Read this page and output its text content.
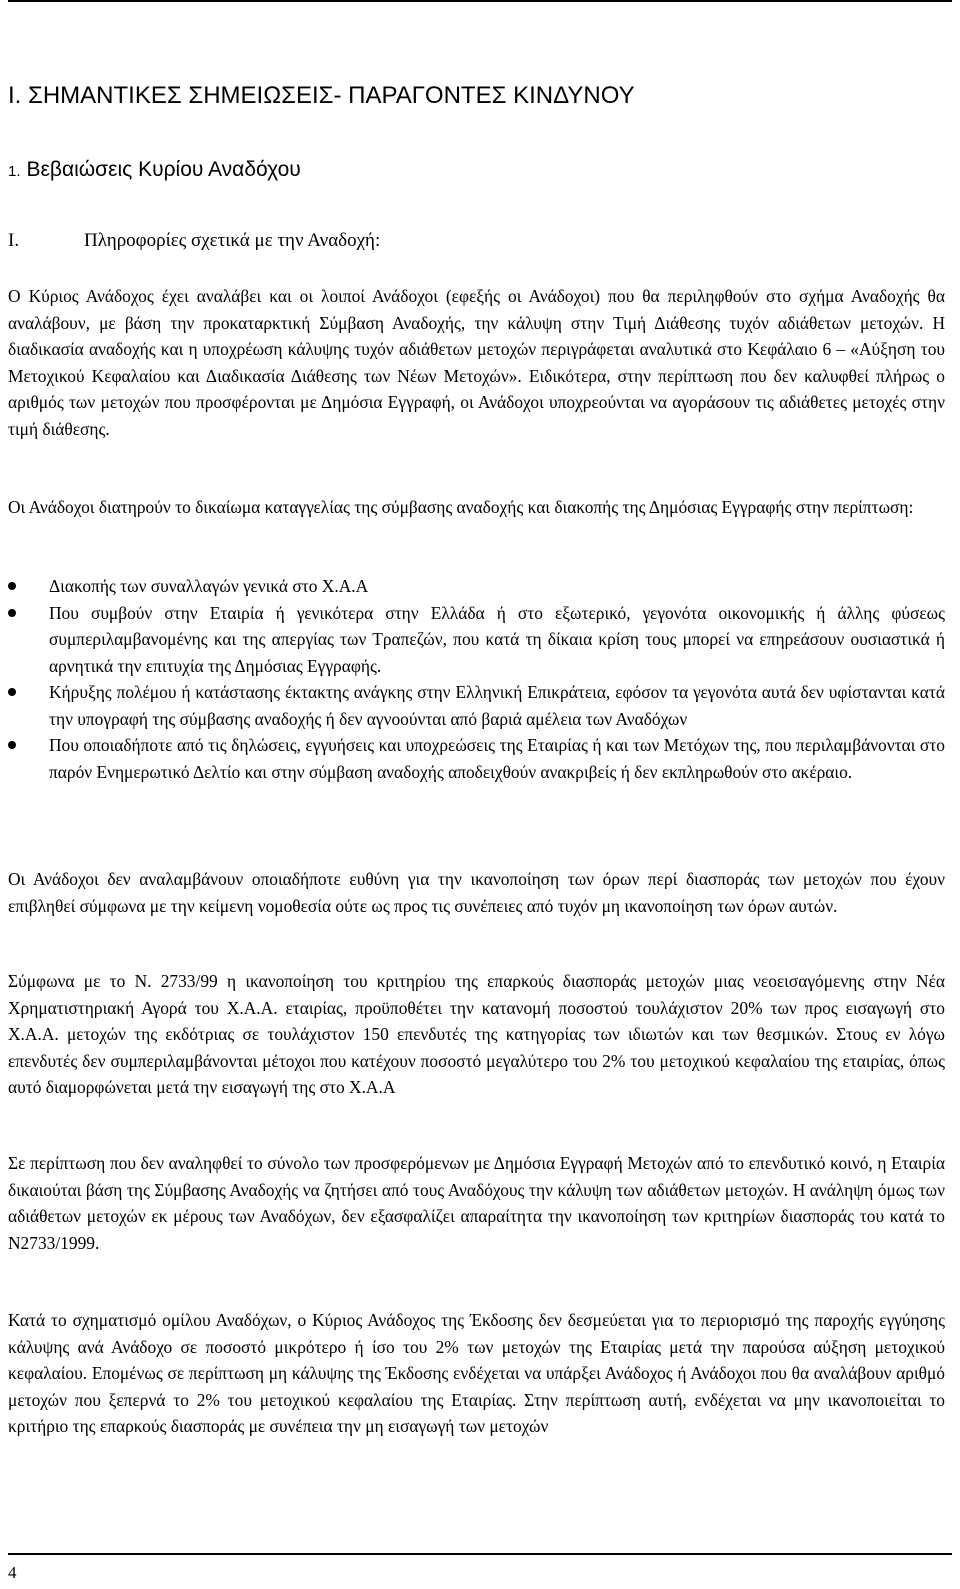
I. ΣΗΜΑΝΤΙΚΕΣ ΣΗΜΕΙΩΣΕΙΣ- ΠΑΡΑΓΟΝΤΕΣ ΚΙΝΔΥΝΟΥ
1. Βεβαιώσεις Κυρίου Αναδόχου
I.	Πληροφορίες σχετικά με την Αναδοχή:

Ο Κύριος Ανάδοχος έχει αναλάβει και οι λοιποί Ανάδοχοι (εφεξής οι Ανάδοχοι) που θα περιληφθούν στο σχήμα Αναδοχής θα αναλάβουν, με βάση την προκαταρκτική Σύμβαση Αναδοχής, την κάλυψη στην Τιμή Διάθεσης τυχόν αδιάθετων μετοχών. Η διαδικασία αναδοχής και η υποχρέωση κάλυψης τυχόν αδιάθετων μετοχών περιγράφεται αναλυτικά στο Κεφάλαιο 6 – «Αύξηση του Μετοχικού Κεφαλαίου και Διαδικασία Διάθεσης των Νέων Μετοχών». Ειδικότερα, στην περίπτωση που δεν καλυφθεί πλήρως ο αριθμός των μετοχών που προσφέρονται με Δημόσια Εγγραφή, οι Ανάδοχοι υποχρεούνται να αγοράσουν τις αδιάθετες μετοχές στην τιμή διάθεσης.

Οι Ανάδοχοι διατηρούν το δικαίωμα καταγγελίας της σύμβασης αναδοχής και διακοπής της Δημόσιας Εγγραφής στην περίπτωση:

Διακοπής των συναλλαγών γενικά στο Χ.Α.Α
Που συμβούν στην Εταιρία ή γενικότερα στην Ελλάδα ή στο εξωτερικό, γεγονότα οικονομικής ή άλλης φύσεως συμπεριλαμβανομένης και της απεργίας των Τραπεζών, που κατά τη δίκαια κρίση τους μπορεί να επηρεάσουν ουσιαστικά ή αρνητικά την επιτυχία της Δημόσιας Εγγραφής.
Κήρυξης πολέμου ή κατάστασης έκτακτης ανάγκης στην Ελληνική Επικράτεια, εφόσον τα γεγονότα αυτά δεν υφίστανται κατά την υπογραφή της σύμβασης αναδοχής ή δεν αγνοούνται από βαριά αμέλεια των Αναδόχων
Που οποιαδήποτε από τις δηλώσεις, εγγυήσεις και υποχρεώσεις της Εταιρίας ή και των Μετόχων της, που περιλαμβάνονται στο παρόν Ενημερωτικό Δελτίο και στην σύμβαση αναδοχής αποδειχθούν ανακριβείς ή δεν εκπληρωθούν στο ακέραιο.

Οι Ανάδοχοι δεν αναλαμβάνουν οποιαδήποτε ευθύνη για την ικανοποίηση των όρων περί διασποράς των μετοχών που έχουν επιβληθεί σύμφωνα με την κείμενη νομοθεσία ούτε ως προς τις συνέπειες από τυχόν μη ικανοποίηση των όρων αυτών.

Σύμφωνα με το Ν. 2733/99 η ικανοποίηση του κριτηρίου της επαρκούς διασποράς μετοχών μιας νεοεισαγόμενης στην Νέα Χρηματιστηριακή Αγορά του Χ.Α.Α. εταιρίας, προϋποθέτει την κατανομή ποσοστού τουλάχιστον 20% των προς εισαγωγή στο Χ.Α.Α. μετοχών της εκδότριας σε τουλάχιστον 150 επενδυτές της κατηγορίας των ιδιωτών και των θεσμικών. Στους εν λόγω επενδυτές δεν συμπεριλαμβάνονται μέτοχοι που κατέχουν ποσοστό μεγαλύτερο του 2% του μετοχικού κεφαλαίου της εταιρίας, όπως αυτό διαμορφώνεται μετά την εισαγωγή της στο Χ.Α.Α

Σε περίπτωση που δεν αναληφθεί το σύνολο των προσφερόμενων με Δημόσια Εγγραφή Μετοχών από το επενδυτικό κοινό, η Εταιρία δικαιούται βάση της Σύμβασης Αναδοχής να ζητήσει από τους Αναδόχους την κάλυψη των αδιάθετων μετοχών. Η ανάληψη όμως των αδιάθετων μετοχών εκ μέρους των Αναδόχων, δεν εξασφαλίζει απαραίτητα την ικανοποίηση των κριτηρίων διασποράς του κατά το Ν2733/1999.

Κατά το σχηματισμό ομίλου Αναδόχων, ο Κύριος Ανάδοχος της Έκδοσης δεν δεσμεύεται για το περιορισμό της παροχής εγγύησης κάλυψης ανά Ανάδοχο σε ποσοστό μικρότερο ή ίσο του 2% των μετοχών της Εταιρίας μετά την παρούσα αύξηση μετοχικού κεφαλαίου. Επομένως σε περίπτωση μη κάλυψης της Έκδοσης ενδέχεται να υπάρξει Ανάδοχος ή Ανάδοχοι που θα αναλάβουν αριθμό μετοχών που ξεπερνά το 2% του μετοχικού κεφαλαίου της Εταιρίας. Στην περίπτωση αυτή, ενδέχεται να μην ικανοποιείται το κριτήριο της επαρκούς διασποράς με συνέπεια την μη εισαγωγή των μετοχών

4
